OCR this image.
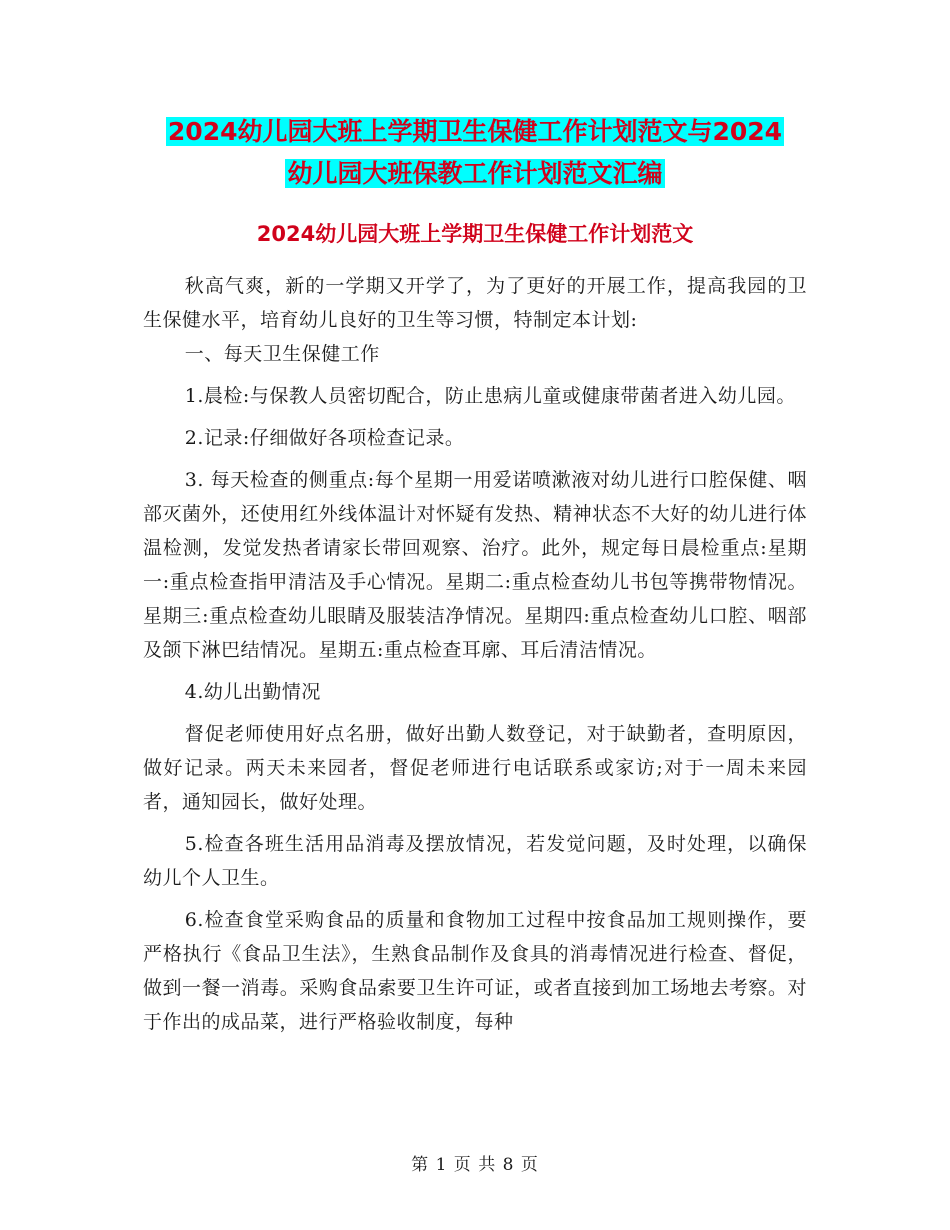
2024幼儿园大班上学期卫生保健工作计划范文与2024
幼儿园大班保教工作计划范文汇编
2024幼儿园大班上学期卫生保健工作计划范文

秋高气爽，新的一学期又开学了，为了更好的开展工作，提高我园的卫生保健水平，培育幼儿良好的卫生等习惯，特制定本计划:

一、每天卫生保健工作

1.晨检:与保教人员密切配合，防止患病儿童或健康带菌者进入幼儿园。

2.记录:仔细做好各项检查记录。

3. 每天检查的侧重点:每个星期一用爱诺喷漱液对幼儿进行口腔保健、咽部灭菌外，还使用红外线体温计对怀疑有发热、精神状态不大好的幼儿进行体温检测，发觉发热者请家长带回观察、治疗。此外，规定每日晨检重点:星期一:重点检查指甲清洁及手心情况。星期二:重点检查幼儿书包等携带物情况。星期三:重点检查幼儿眼睛及服装洁净情况。星期四:重点检查幼儿口腔、咽部及颌下淋巴结情况。星期五:重点检查耳廓、耳后清洁情况。

4.幼儿出勤情况

督促老师使用好点名册，做好出勤人数登记，对于缺勤者，查明原因，做好记录。两天未来园者，督促老师进行电话联系或家访;对于一周未来园者，通知园长，做好处理。

5.检查各班生活用品消毒及摆放情况，若发觉问题，及时处理，以确保幼儿个人卫生。

6.检查食堂采购食品的质量和食物加工过程中按食品加工规则操作，要严格执行《食品卫生法》，生熟食品制作及食具的消毒情况进行检查、督促，做到一餐一消毒。采购食品索要卫生许可证，或者直接到加工场地去考察。对于作出的成品菜，进行严格验收制度，每种

第 1 页 共 8 页
